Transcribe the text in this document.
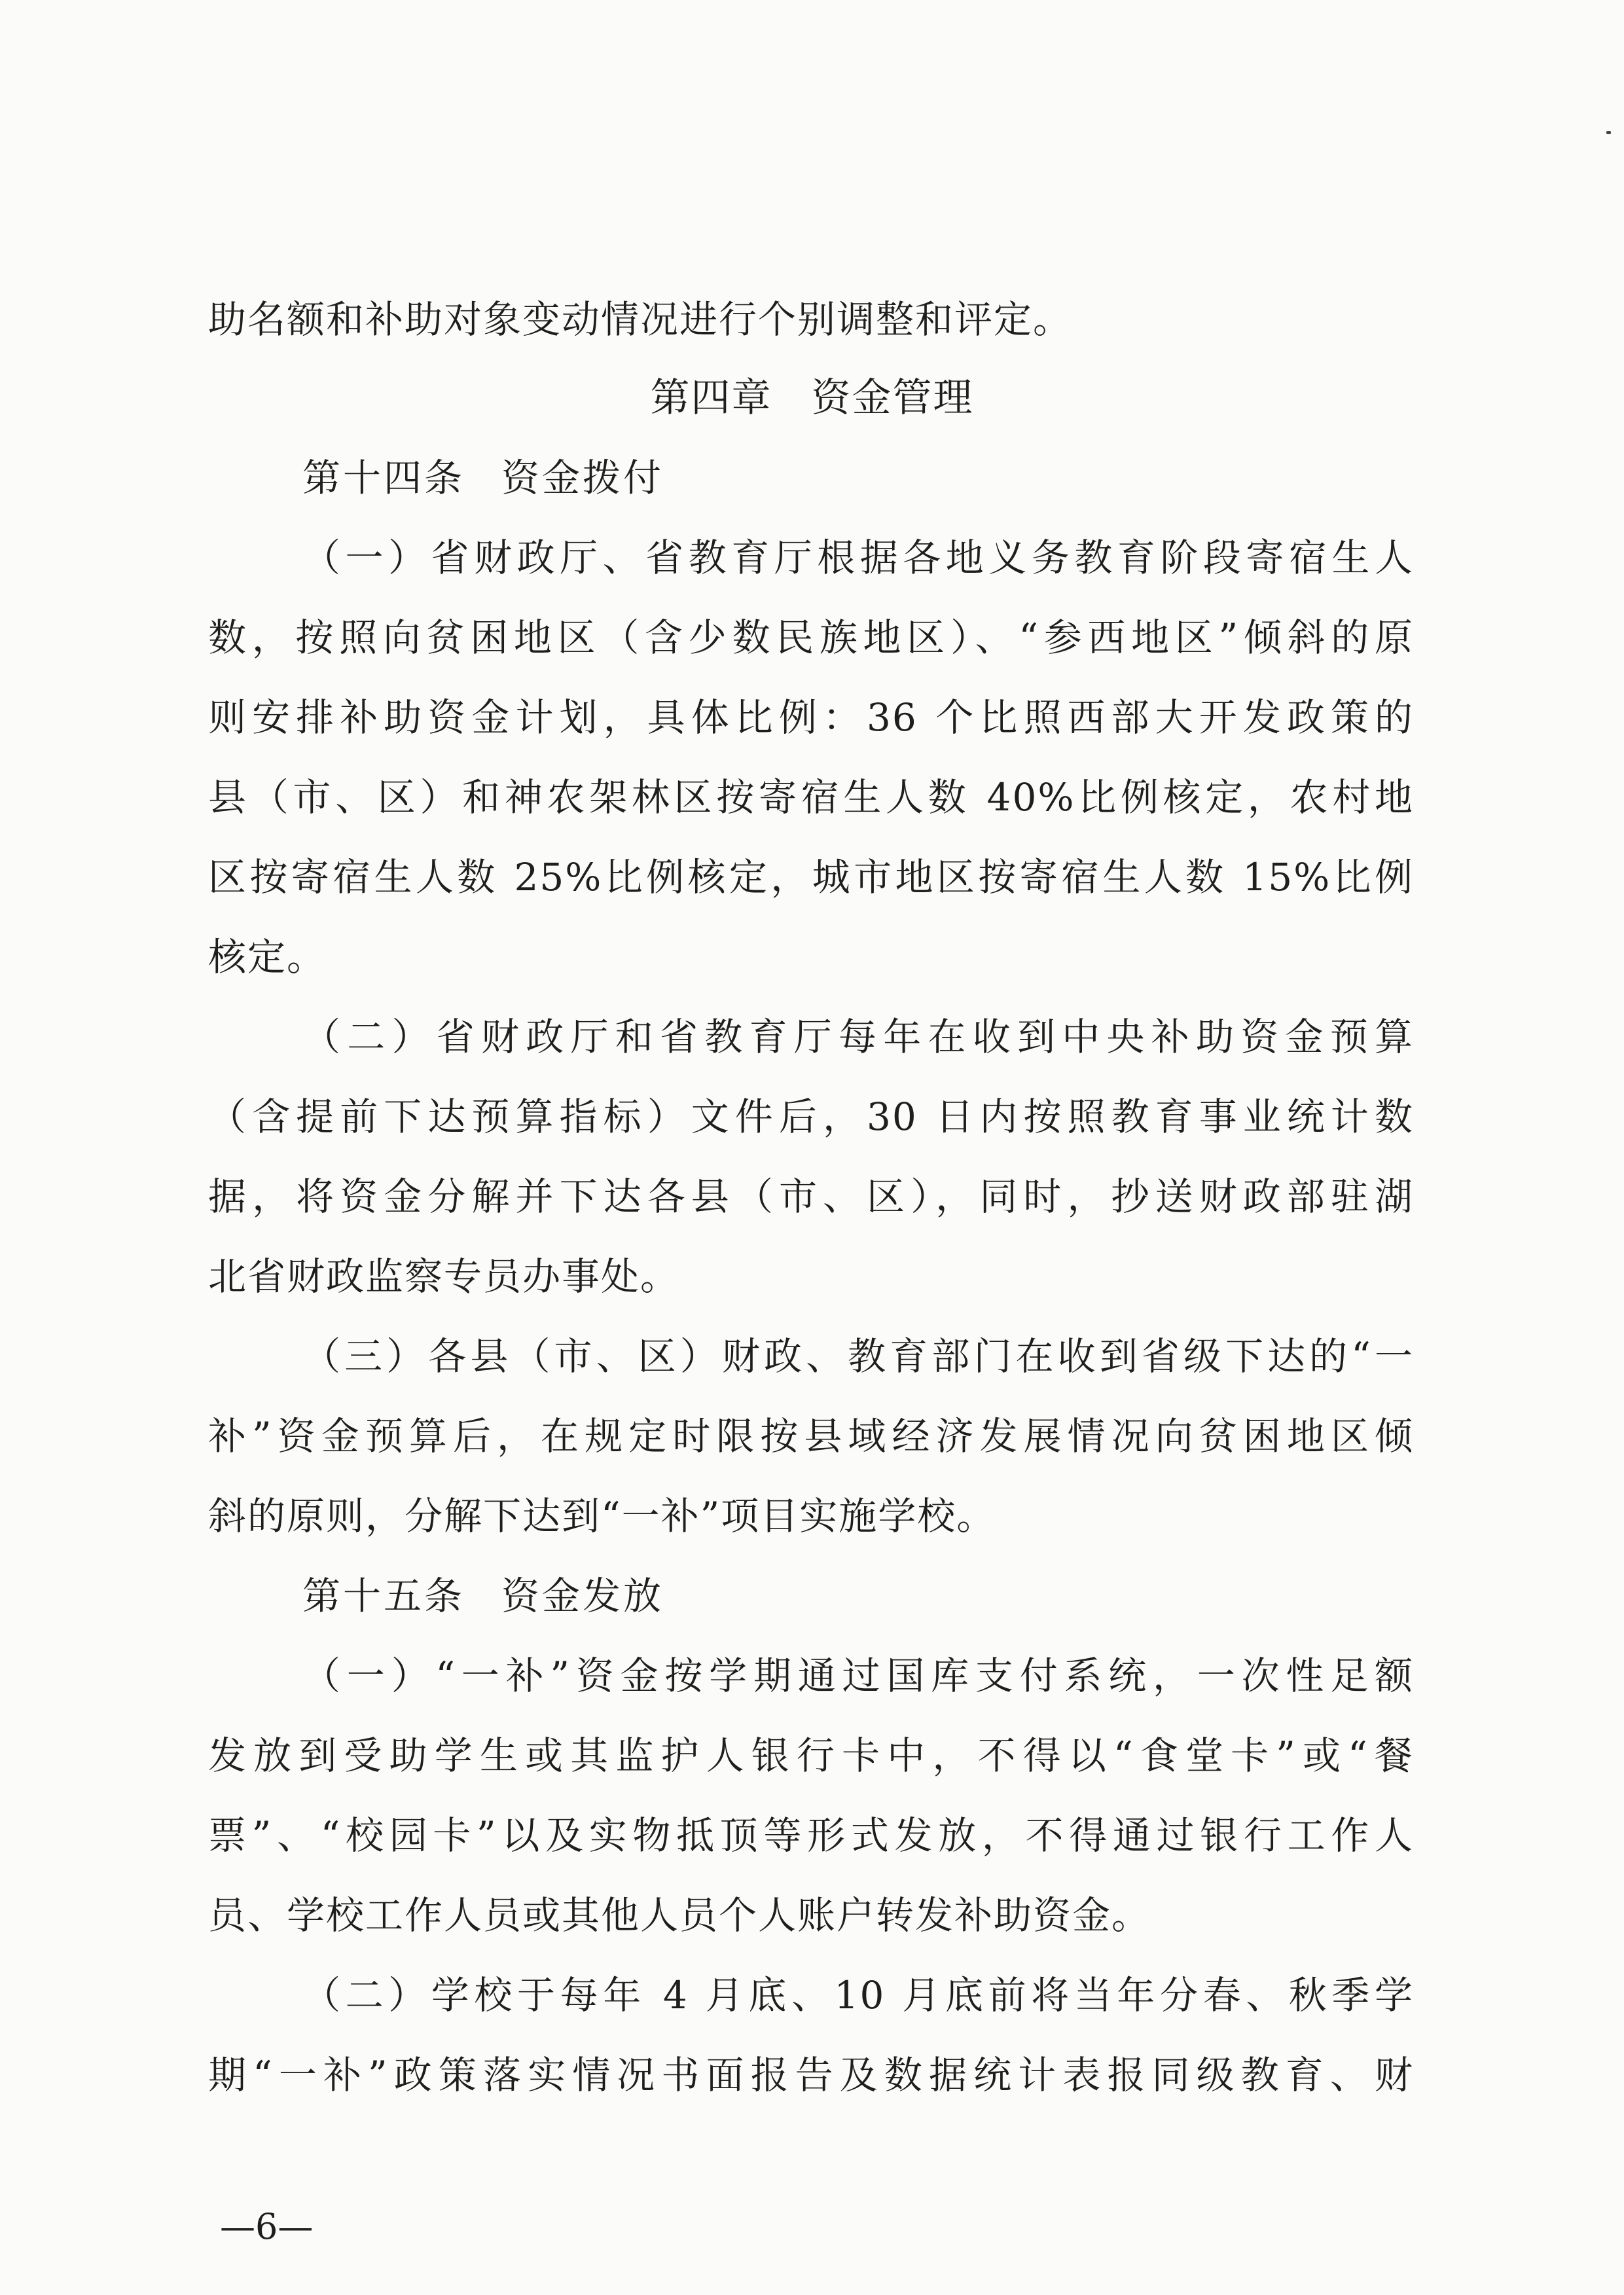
助名额和补助对象变动情况进行个别调整和评定。
第四章 资金管理
第十四条 资金拨付
（一）省财政厅、省教育厅根据各地义务教育阶段寄宿生人
数，按照向贫困地区（含少数民族地区）、“参西地区”倾斜的原
则安排补助资金计划，具体比例：36 个比照西部大开发政策的
县（市、区）和神农架林区按寄宿生人数 40%比例核定，农村地
区按寄宿生人数 25%比例核定，城市地区按寄宿生人数 15%比例
核定。
（二）省财政厅和省教育厅每年在收到中央补助资金预算
（含提前下达预算指标）文件后，30 日内按照教育事业统计数
据，将资金分解并下达各县（市、区），同时，抄送财政部驻湖
北省财政监察专员办事处。
（三）各县（市、区）财政、教育部门在收到省级下达的“一
补”资金预算后，在规定时限按县域经济发展情况向贫困地区倾
斜的原则，分解下达到“一补”项目实施学校。
第十五条 资金发放
（一）“一补”资金按学期通过国库支付系统，一次性足额
发放到受助学生或其监护人银行卡中，不得以“食堂卡”或“餐
票”、“校园卡”以及实物抵顶等形式发放，不得通过银行工作人
员、学校工作人员或其他人员个人账户转发补助资金。
（二）学校于每年 4 月底、10 月底前将当年分春、秋季学
期“一补”政策落实情况书面报告及数据统计表报同级教育、财
—6—
